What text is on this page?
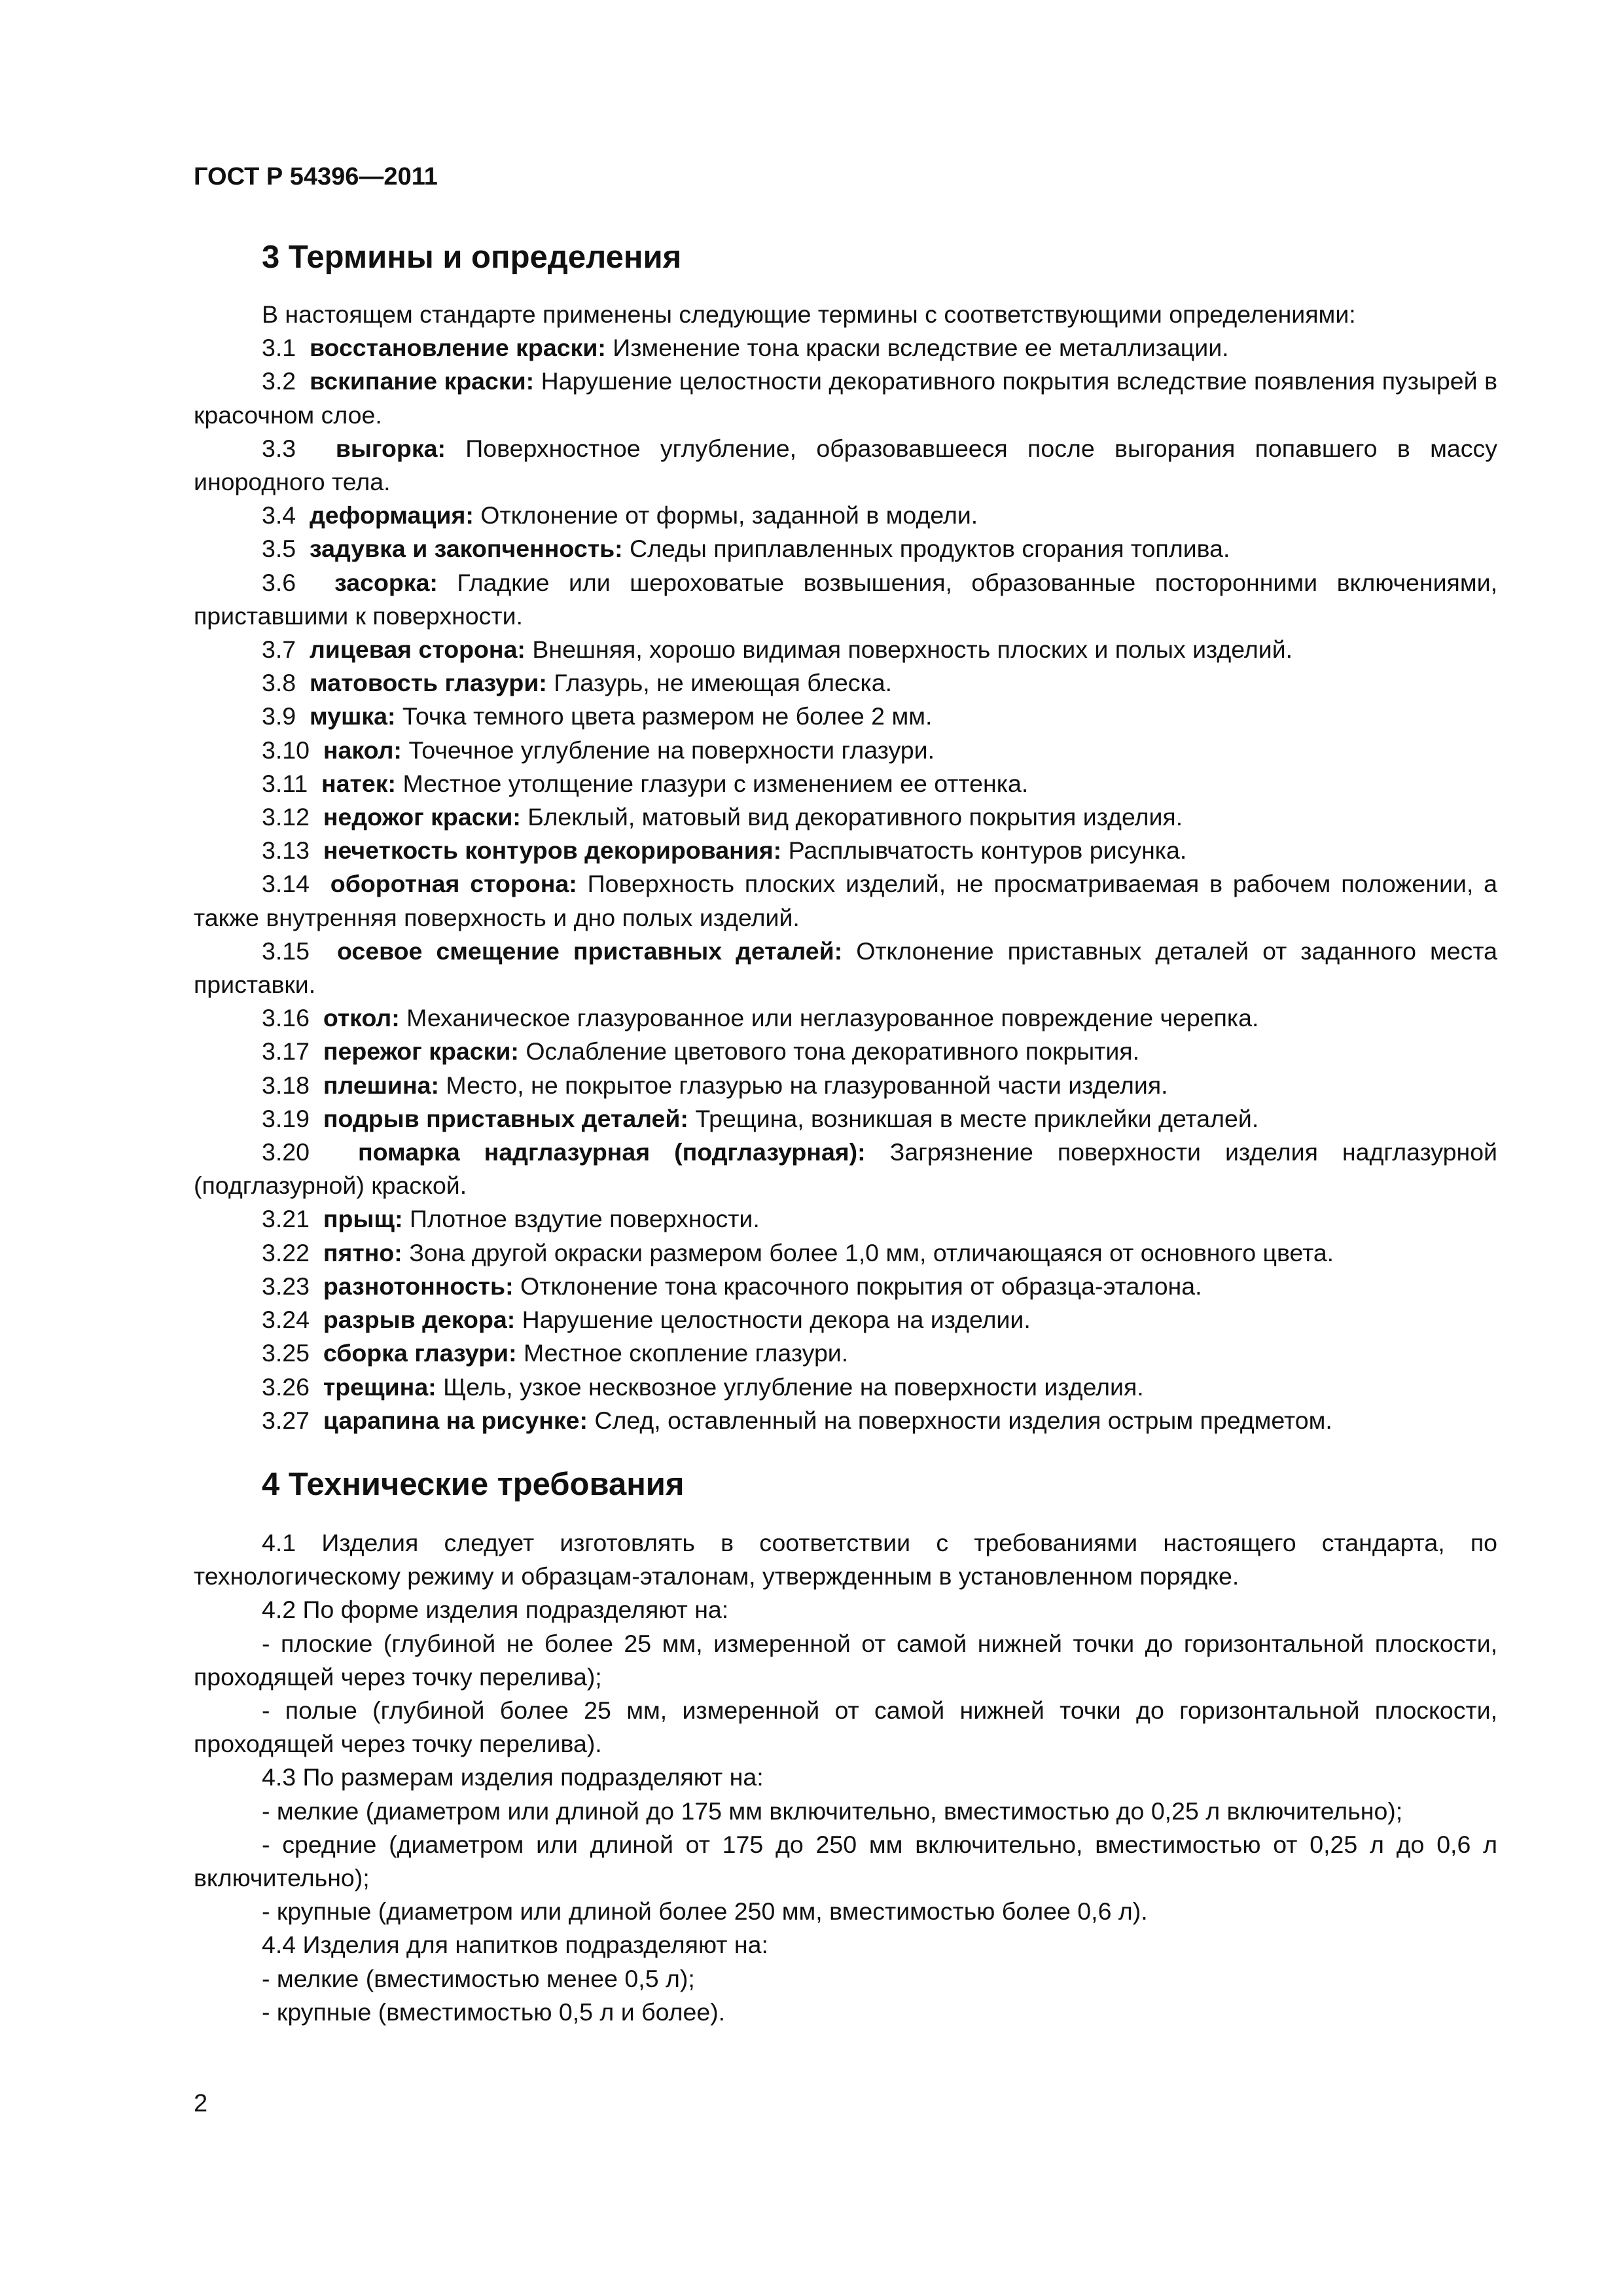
ГОСТ Р 54396—2011
3 Термины и определения

В настоящем стандарте применены следующие термины с соответствующими определениями:

3.1 восстановление краски: Изменение тона краски вследствие ее металлизации.

3.2 вскипание краски: Нарушение целостности декоративного покрытия вследствие появления пузырей в красочном слое.

3.3 выгорка: Поверхностное углубление, образовавшееся после выгорания попавшего в массу инородного тела.

3.4 деформация: Отклонение от формы, заданной в модели.

3.5 задувка и закопченность: Следы приплавленных продуктов сгорания топлива.

3.6 засорка: Гладкие или шероховатые возвышения, образованные посторонними включениями, приставшими к поверхности.

3.7 лицевая сторона: Внешняя, хорошо видимая поверхность плоских и полых изделий.

3.8 матовость глазури: Глазурь, не имеющая блеска.

3.9 мушка: Точка темного цвета размером не более 2 мм.

3.10 накол: Точечное углубление на поверхности глазури.

3.11 натек: Местное утолщение глазури с изменением ее оттенка.

3.12 недожог краски: Блеклый, матовый вид декоративного покрытия изделия.

3.13 нечеткость контуров декорирования: Расплывчатость контуров рисунка.

3.14 оборотная сторона: Поверхность плоских изделий, не просматриваемая в рабочем положении, а также внутренняя поверхность и дно полых изделий.

3.15 осевое смещение приставных деталей: Отклонение приставных деталей от заданного места приставки.

3.16 откол: Механическое глазурованное или неглазурованное повреждение черепка.

3.17 пережог краски: Ослабление цветового тона декоративного покрытия.

3.18 плешина: Место, не покрытое глазурью на глазурованной части изделия.

3.19 подрыв приставных деталей: Трещина, возникшая в месте приклейки деталей.

3.20 помарка надглазурная (подглазурная): Загрязнение поверхности изделия надглазурной (подглазурной) краской.

3.21 прыщ: Плотное вздутие поверхности.

3.22 пятно: Зона другой окраски размером более 1,0 мм, отличающаяся от основного цвета.

3.23 разнотонность: Отклонение тона красочного покрытия от образца-эталона.

3.24 разрыв декора: Нарушение целостности декора на изделии.

3.25 сборка глазури: Местное скопление глазури.

3.26 трещина: Щель, узкое несквозное углубление на поверхности изделия.

3.27 царапина на рисунке: След, оставленный на поверхности изделия острым предметом.

4 Технические требования

4.1 Изделия следует изготовлять в соответствии с требованиями настоящего стандарта, по технологическому режиму и образцам-эталонам, утвержденным в установленном порядке.

4.2 По форме изделия подразделяют на:

- плоские (глубиной не более 25 мм, измеренной от самой нижней точки до горизонтальной плоскости, проходящей через точку перелива);

- полые (глубиной более 25 мм, измеренной от самой нижней точки до горизонтальной плоскости, проходящей через точку перелива).

4.3 По размерам изделия подразделяют на:

- мелкие (диаметром или длиной до 175 мм включительно, вместимостью до 0,25 л включительно);

- средние (диаметром или длиной от 175 до 250 мм включительно, вместимостью от 0,25 л до 0,6 л включительно);

- крупные (диаметром или длиной более 250 мм, вместимостью более 0,6 л).

4.4 Изделия для напитков подразделяют на:

- мелкие (вместимостью менее 0,5 л);

- крупные (вместимостью 0,5 л и более).

2
